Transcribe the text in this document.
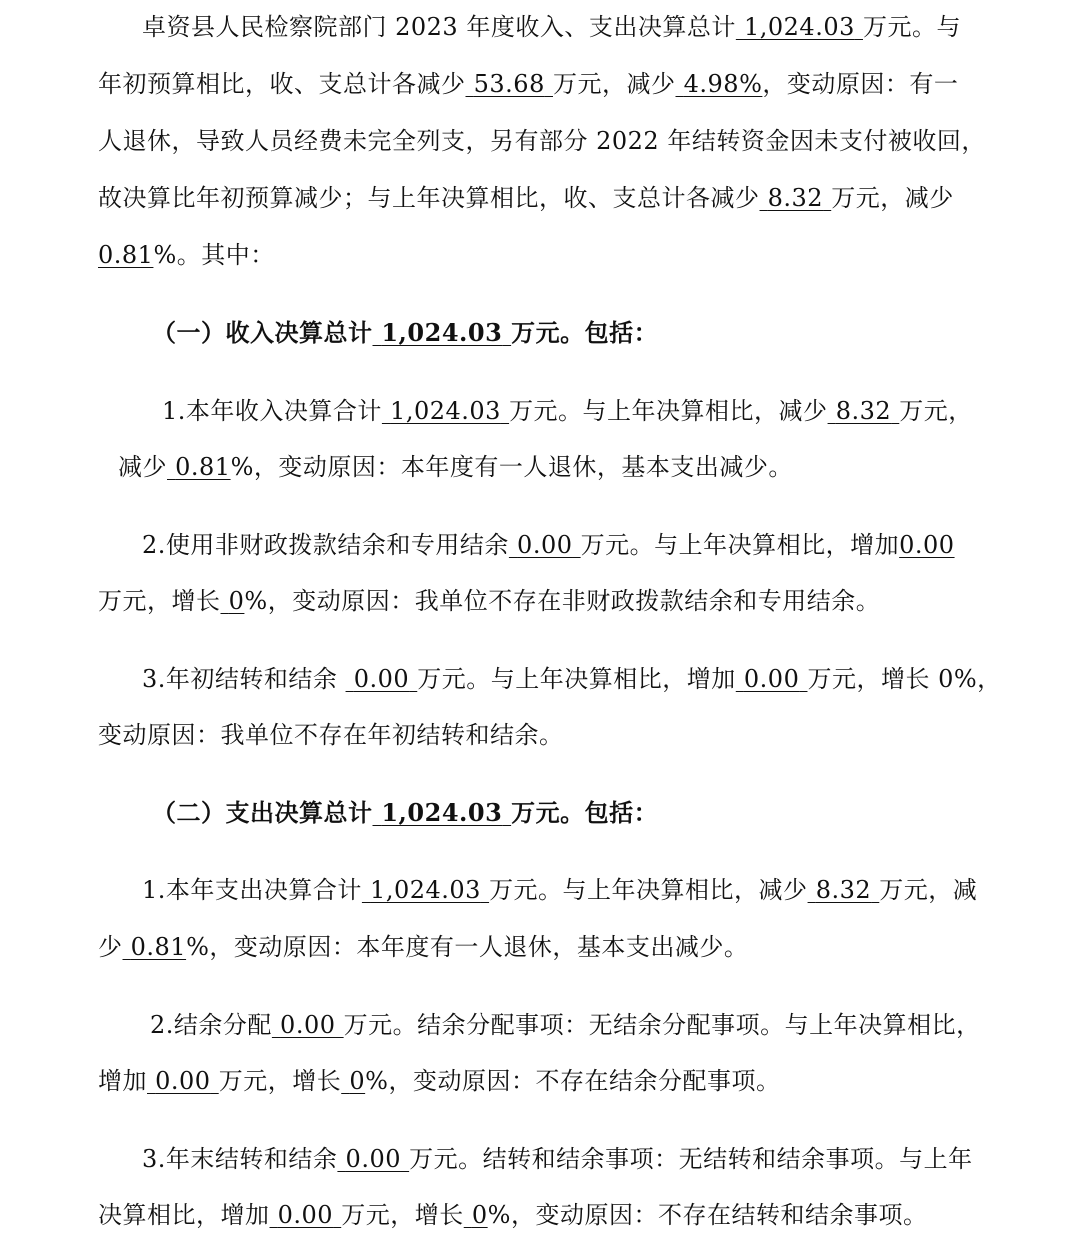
卓资县人民检察院部门 2023 年度收入、支出决算总计 1,024.03 万元。与
年初预算相比，收、支总计各减少 53.68 万元，减少 4.98%，变动原因：有一
人退休，导致人员经费未完全列支，另有部分 2022 年结转资金因未支付被收回，
故决算比年初预算减少；与上年决算相比，收、支总计各减少 8.32 万元，减少
0.81%。其中：
（一）收入决算总计 1,024.03 万元。包括：
1.本年收入决算合计 1,024.03 万元。与上年决算相比，减少 8.32 万元，
减少 0.81%，变动原因：本年度有一人退休，基本支出减少。
2.使用非财政拨款结余和专用结余 0.00 万元。与上年决算相比，增加0.00
万元，增长 0%，变动原因：我单位不存在非财政拨款结余和专用结余。
3.年初结转和结余 0.00 万元。与上年决算相比，增加 0.00 万元，增长 0%，
变动原因：我单位不存在年初结转和结余。
（二）支出决算总计 1,024.03 万元。包括：
1.本年支出决算合计 1,024.03 万元。与上年决算相比，减少 8.32 万元，减
少 0.81%，变动原因：本年度有一人退休，基本支出减少。
2.结余分配 0.00 万元。结余分配事项：无结余分配事项。与上年决算相比，
增加 0.00 万元，增长 0%，变动原因：不存在结余分配事项。
3.年末结转和结余 0.00 万元。结转和结余事项：无结转和结余事项。与上年
决算相比，增加 0.00 万元，增长 0%，变动原因：不存在结转和结余事项。
